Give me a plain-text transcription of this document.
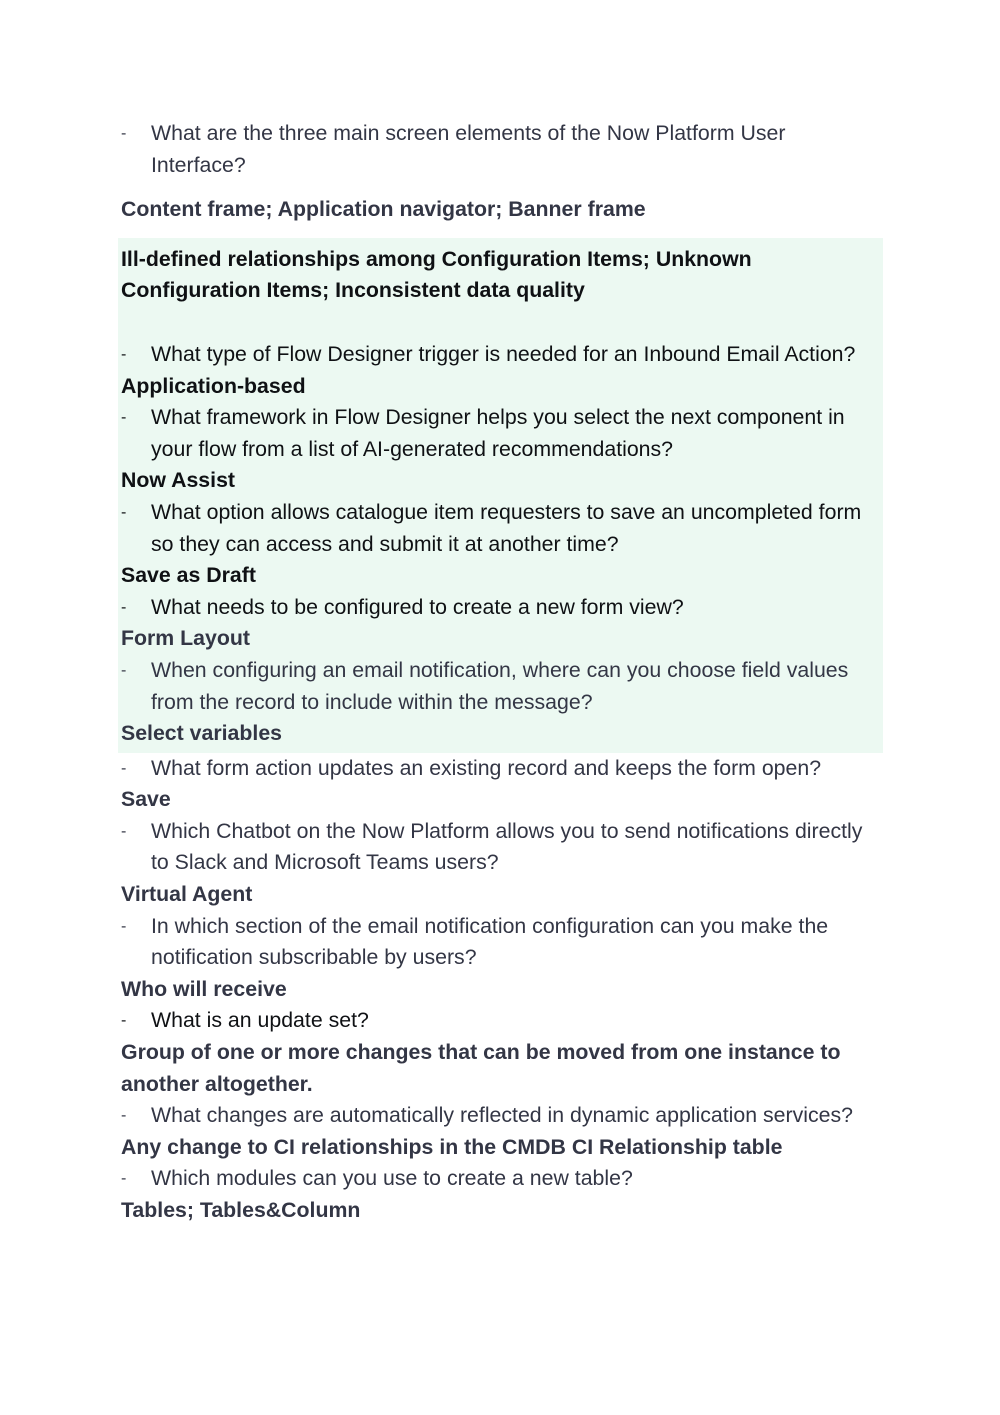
-	What are the three main screen elements of the Now Platform User Interface?
Content frame; Application navigator; Banner frame
Ill-defined relationships among Configuration Items; Unknown Configuration Items; Inconsistent data quality
-	What type of Flow Designer trigger is needed for an Inbound Email Action?
Application-based
-	What framework in Flow Designer helps you select the next component in your flow from a list of AI-generated recommendations?
Now Assist
-	What option allows catalogue item requesters to save an uncompleted form so they can access and submit it at another time?
Save as Draft
-	What needs to be configured to create a new form view?
Form Layout
-	When configuring an email notification, where can you choose field values from the record to include within the message?
Select variables
-	What form action updates an existing record and keeps the form open?
Save
-	Which Chatbot on the Now Platform allows you to send notifications directly to Slack and Microsoft Teams users?
Virtual Agent
-	In which section of the email notification configuration can you make the notification subscribable by users?
Who will receive
-	What is an update set?
Group of one or more changes that can be moved from one instance to another altogether.
-	What changes are automatically reflected in dynamic application services?
Any change to CI relationships in the CMDB CI Relationship table
-	Which modules can you use to create a new table?
Tables; Tables&Column
